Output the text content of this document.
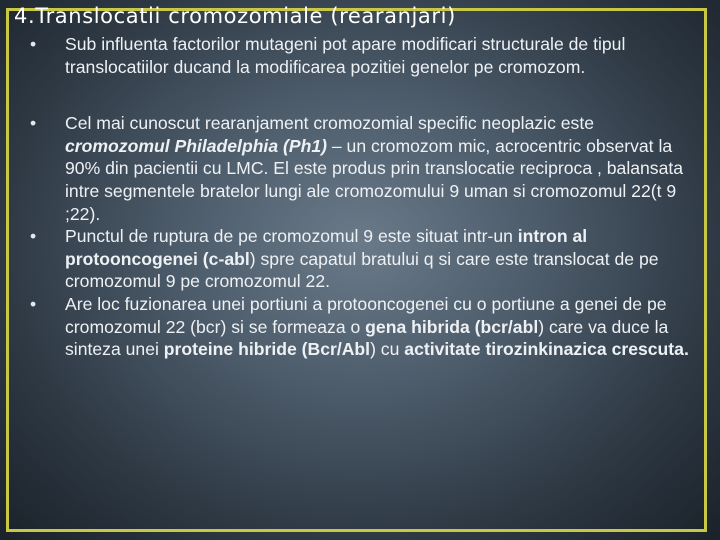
4.Translocatii cromozomiale (rearanjari)
• Sub influenta factorilor mutageni pot apare modificari structurale de tipul translocatiilor ducand la modificarea pozitiei genelor pe cromozom.
• Cel mai cunoscut rearanjament cromozomial specific neoplazic este cromozomul Philadelphia (Ph1) – un cromozom mic, acrocentric observat la 90% din pacientii cu LMC. El este produs prin translocatie reciproca , balansata intre segmentele bratelor lungi ale cromozomului 9 uman si cromozomul 22(t 9 ;22).
• Punctul de ruptura de pe cromozomul 9 este situat intr-un intron al protooncogenei (c-abl) spre capatul bratului q si care este translocat de pe cromozomul 9 pe cromozomul 22.
• Are loc fuzionarea unei portiuni a protooncogenei cu o portiune a genei de pe cromozomul 22 (bcr) si se formeaza o gena hibrida (bcr/abl) care va duce la sinteza unei proteine hibride (Bcr/Abl) cu activitate tirozinkinazica crescuta.
